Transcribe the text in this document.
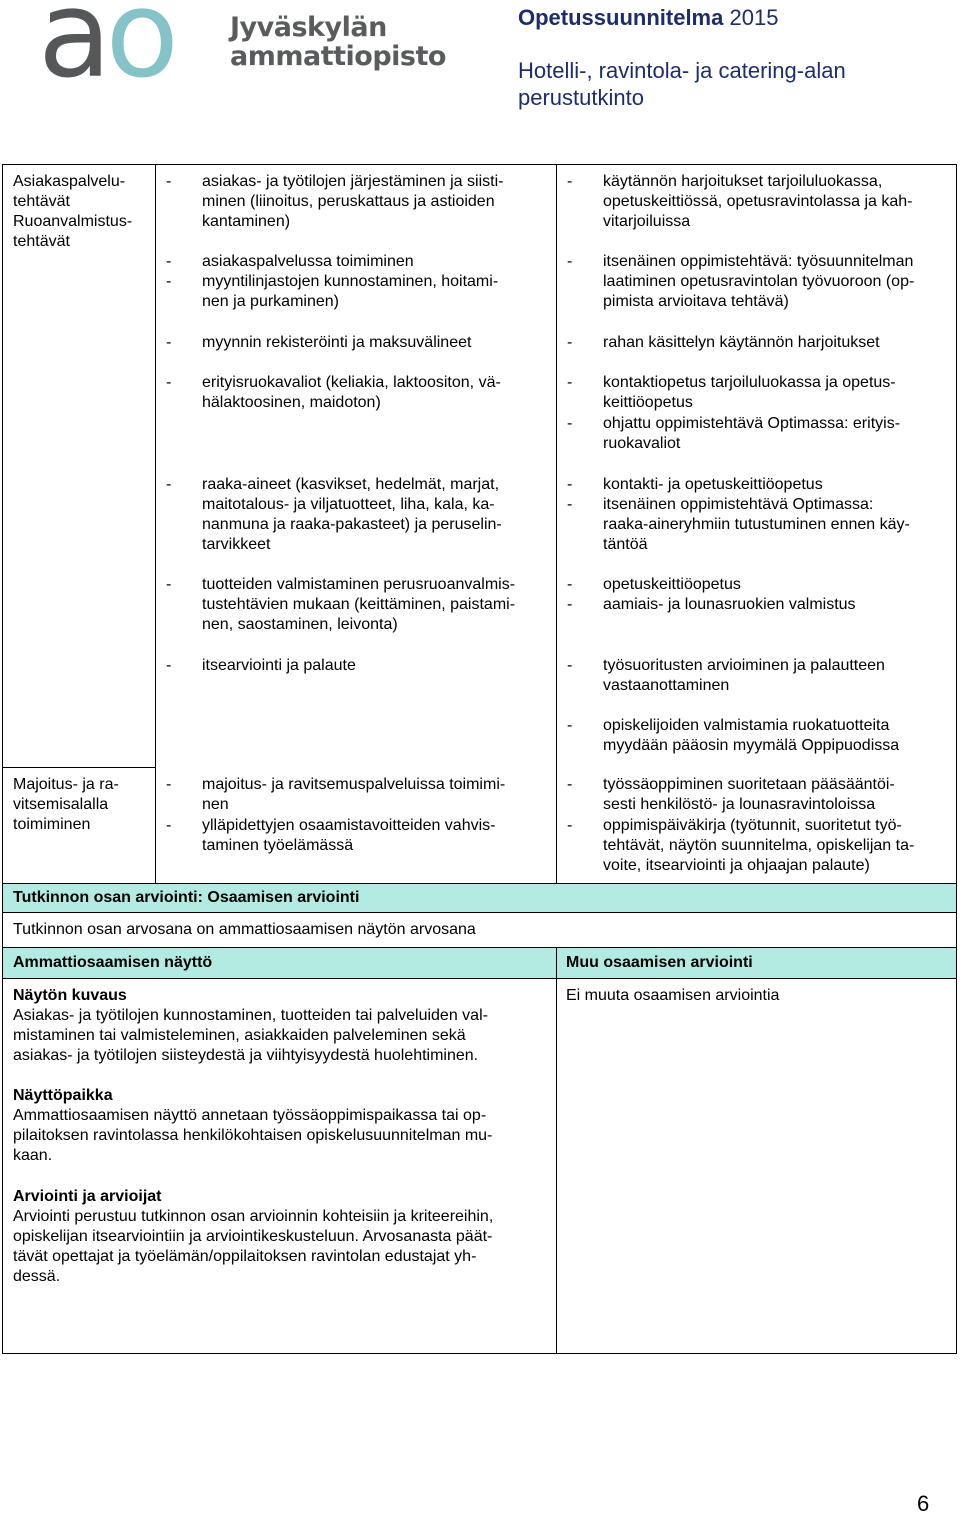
ao Jyväskylän
ammattiopisto
Opetussuunnitelma 2015
Hotelli-, ravintola- ja catering-alan perustutkinto
Asiakaspalvelu-
tehtävät
Ruoanvalmistus-
tehtävät
Majoitus- ja ra-
vitsemisalalla
toimiminen
- asiakas- ja työtilojen järjestäminen ja siisti-
minen (liinoitus, peruskattaus ja astioiden
kantaminen)
- asiakaspalvelussa toimiminen
- myyntilinjastojen kunnostaminen, hoitami-
nen ja purkaminen)
- myynnin rekisteröinti ja maksuvälineet
- erityisruokavaliot (keliakia, laktoositon, vä-
hälaktoosinen, maidoton)
- raaka-aineet (kasvikset, hedelmät, marjat,
maitotalous- ja viljatuotteet, liha, kala, ka-
nanmuna ja raaka-pakasteet) ja peruselin-
tarvikkeet
- tuotteiden valmistaminen perusruoanvalmis-
tustehtävien mukaan (keittäminen, paistami-
nen, saostaminen, leivonta)
- itsearviointi ja palaute
- majoitus- ja ravitsemuspalveluissa toimimi-
nen
- ylläpidettyjen osaamistavoitteiden vahvis-
taminen työelämässä
- käytännön harjoitukset tarjoiluluokassa,
opetuskeittiössä, opetusravintolassa ja kah-
vitarjoiluissa
- itsenäinen oppimistehtävä: työsuunnitelman
laatiminen opetusravintolan työvuoroon (op-
pimista arvioitava tehtävä)
- rahan käsittelyn käytännön harjoitukset
- kontaktiopetus tarjoiluluokassa ja opetus-
keittiöopetus
- ohjattu oppimistehtävä Optimassa: erityis-
ruokavaliot
- kontakti- ja opetuskeittiöopetus
- itsenäinen oppimistehtävä Optimassa:
raaka-aineryhmiin tutustuminen ennen käy-
täntöä
- opetuskeittiöopetus
- aamiais- ja lounasruokien valmistus
- työsuoritusten arvioiminen ja palautteen
vastaanottaminen
- opiskelijoiden valmistamia ruokatuotteita
myydään pääosin myymälä Oppipuodissa
- työssäoppiminen suoritetaan pääsääntöi-
sesti henkilöstö- ja lounasravintoloissa
- oppimispäiväkirja (työtunnit, suoritetut työ-
tehtävät, näytön suunnitelma, opiskelijan ta-
voite, itsearviointi ja ohjaajan palaute)
Tutkinnon osan arviointi: Osaamisen arviointi
Tutkinnon osan arvosana on ammattiosaamisen näytön arvosana
Ammattiosaamisen näyttö	Muu osaamisen arviointi
Ei muuta osaamisen arviointia
Näytön kuvaus
Asiakas- ja työtilojen kunnostaminen, tuotteiden tai palveluiden val-
mistaminen tai valmisteleminen, asiakkaiden palveleminen sekä
asiakas- ja työtilojen siisteydestä ja viihtyisyydestä huolehtiminen.
Näyttöpaikka
Ammattiosaamisen näyttö annetaan työssäoppimispaikassa tai op-
pilaitoksen ravintolassa henkilökohtaisen opiskelusuunnitelman mu-
kaan.
Arviointi ja arvioijat
Arviointi perustuu tutkinnon osan arvioinnin kohteisiin ja kriteereihin,
opiskelijan itsearviointiin ja arviointikeskusteluun. Arvosanasta päät-
tävät opettajat ja työelämän/oppilaitoksen ravintolan edustajat yh-
dessä.
6
